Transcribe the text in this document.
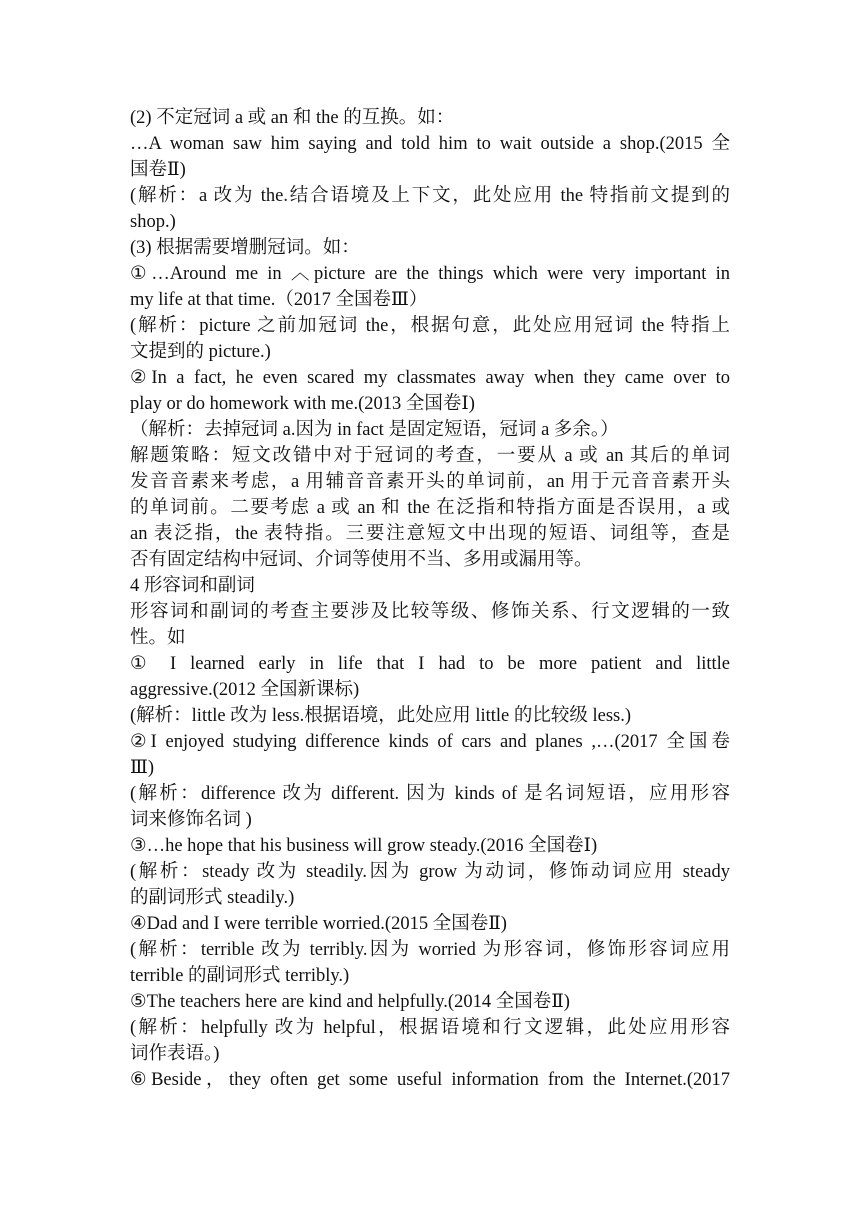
(2) 不定冠词 a 或 an 和 the 的互换。如：
…A woman saw him saying and told him to wait outside a shop.(2015 全
国卷Ⅱ)
(解析：a 改为 the.结合语境及上下文，此处应用 the 特指前文提到的
shop.)
(3) 根据需要增删冠词。如：
①…Around me in ︿picture are the things which were very important in
my life at that time.（2017 全国卷Ⅲ）
(解析：picture 之前加冠词 the，根据句意，此处应用冠词 the 特指上
文提到的 picture.)
②In a fact, he even scared my classmates away when they came over to
play or do homework with me.(2013 全国卷Ⅰ)
（解析：去掉冠词 a.因为 in fact 是固定短语，冠词 a 多余。）
解题策略：短文改错中对于冠词的考查，一要从 a 或 an 其后的单词
发音音素来考虑，a 用辅音音素开头的单词前，an 用于元音音素开头
的单词前。二要考虑 a 或 an 和 the 在泛指和特指方面是否误用，a 或
an 表泛指，the 表特指。三要注意短文中出现的短语、词组等，查是
否有固定结构中冠词、介词等使用不当、多用或漏用等。
4 形容词和副词
形容词和副词的考查主要涉及比较等级、修饰关系、行文逻辑的一致
性。如
① I learned early in life that I had to be more patient and little
aggressive.(2012 全国新课标)
(解析：little 改为 less.根据语境，此处应用 little 的比较级 less.)
②I enjoyed studying difference kinds of cars and planes ,…(2017 全国卷
Ⅲ)
(解析：difference 改为 different. 因为 kinds of 是名词短语，应用形容
词来修饰名词 )
③…he hope that his business will grow steady.(2016 全国卷Ⅰ)
(解析：steady 改为 steadily.因为 grow 为动词，修饰动词应用 steady
的副词形式 steadily.)
④Dad and I were terrible worried.(2015 全国卷Ⅱ)
(解析：terrible 改为 terribly.因为 worried 为形容词，修饰形容词应用
terrible 的副词形式 terribly.)
⑤The teachers here are kind and helpfully.(2014 全国卷Ⅱ)
(解析：helpfully 改为 helpful，根据语境和行文逻辑，此处应用形容
词作表语。)
⑥Beside，they often get some useful information from the Internet.(2017
